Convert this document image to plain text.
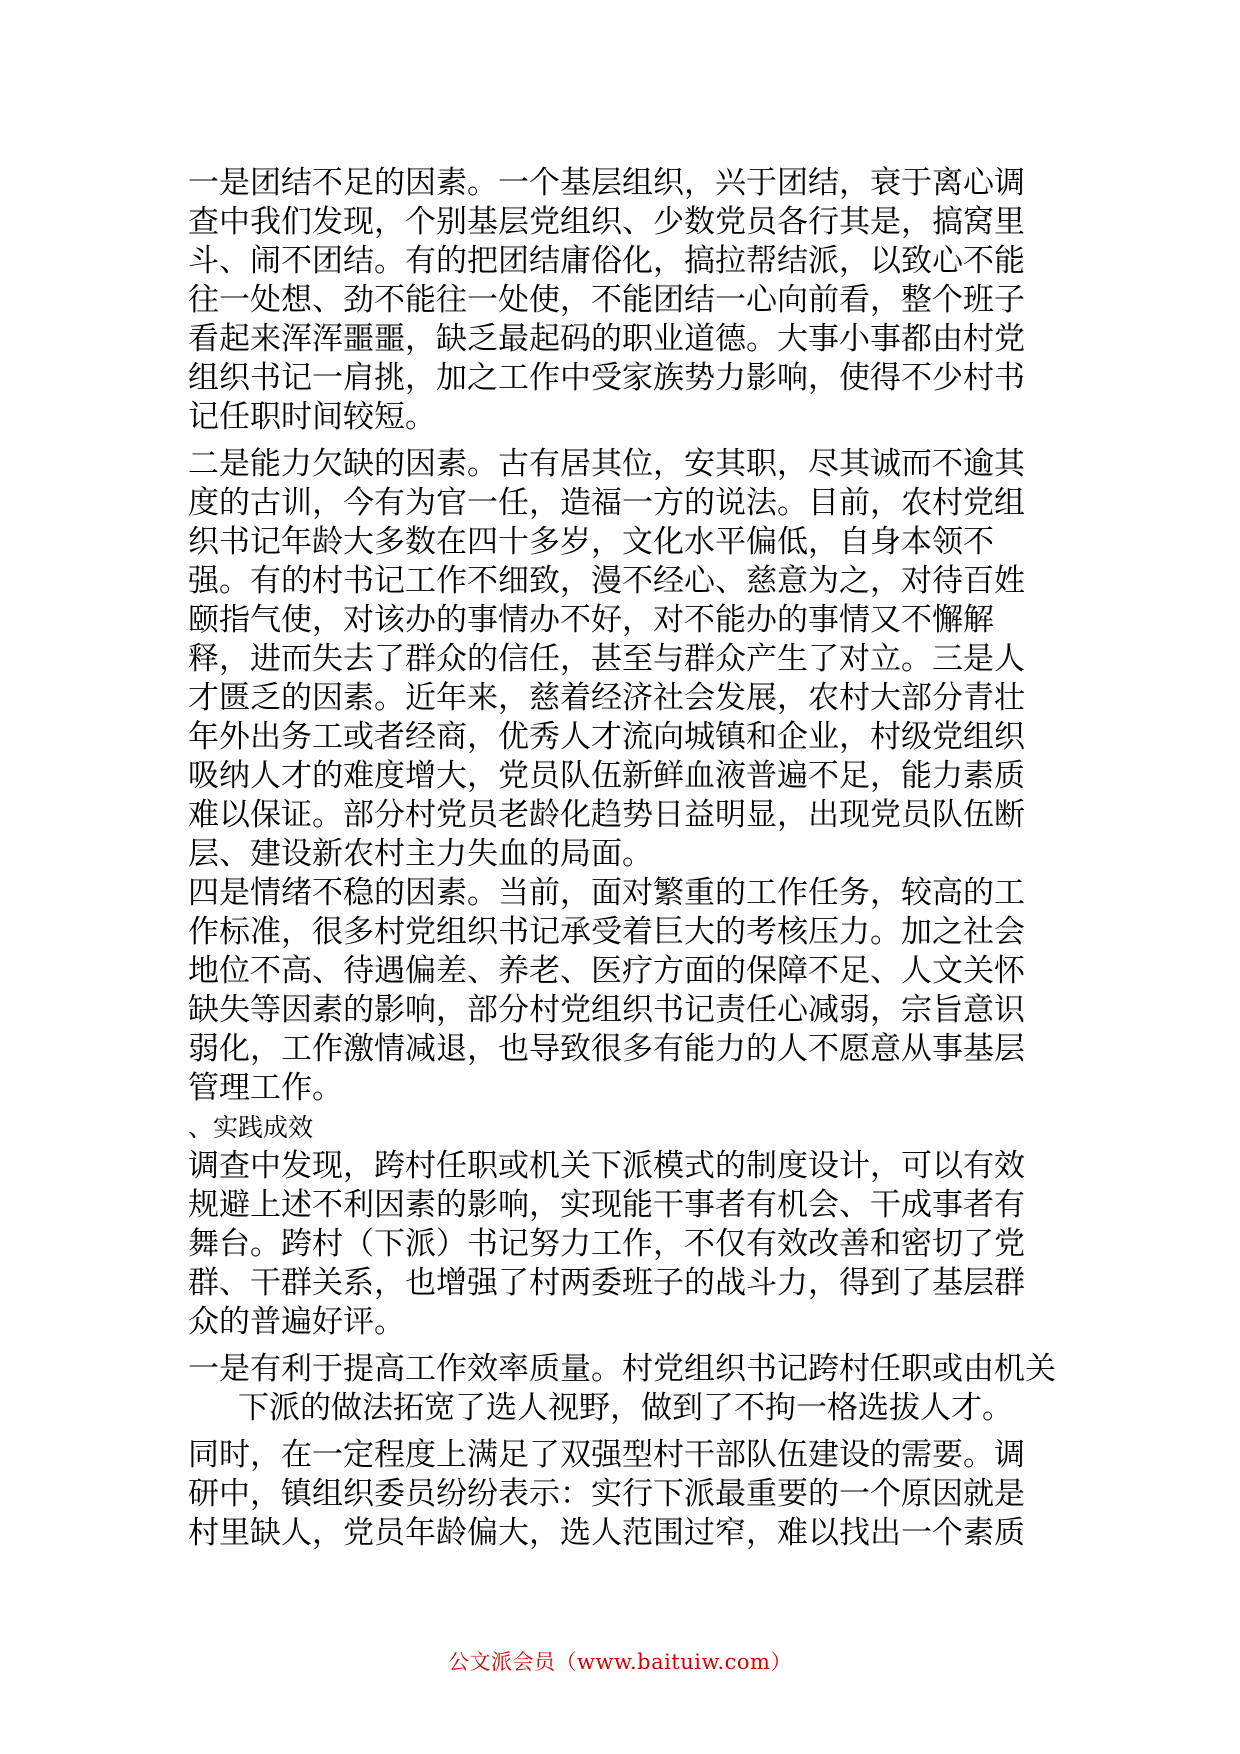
一是团结不足的因素。一个基层组织，兴于团结，衰于离心调

查中我们发现，个别基层党组织、少数党员各行其是，搞窝里

斗、闹不团结。有的把团结庸俗化，搞拉帮结派，以致心不能

往一处想、劲不能往一处使，不能团结一心向前看，整个班子

看起来浑浑噩噩，缺乏最起码的职业道德。大事小事都由村党

组织书记一肩挑，加之工作中受家族势力影响，使得不少村书

记任职时间较短。

二是能力欠缺的因素。古有居其位，安其职，尽其诚而不逾其

度的古训，今有为官一任，造福一方的说法。目前，农村党组

织书记年龄大多数在四十多岁，文化水平偏低，自身本领不

强。有的村书记工作不细致，漫不经心、慈意为之，对待百姓

颐指气使，对该办的事情办不好，对不能办的事情又不懈解

释，进而失去了群众的信任，甚至与群众产生了对立。三是人

才匮乏的因素。近年来，慈着经济社会发展，农村大部分青壮

年外出务工或者经商，优秀人才流向城镇和企业，村级党组织

吸纳人才的难度增大，党员队伍新鲜血液普遍不足，能力素质

难以保证。部分村党员老龄化趋势日益明显，出现党员队伍断

层、建设新农村主力失血的局面。

四是情绪不稳的因素。当前，面对繁重的工作任务，较高的工

作标准，很多村党组织书记承受着巨大的考核压力。加之社会

地位不高、待遇偏差、养老、医疗方面的保障不足、人文关怀

缺失等因素的影响，部分村党组织书记责任心减弱，宗旨意识

弱化，工作激情减退，也导致很多有能力的人不愿意从事基层

管理工作。

、实践成效

调查中发现，跨村任职或机关下派模式的制度设计，可以有效

规避上述不利因素的影响，实现能干事者有机会、干成事者有

舞台。跨村（下派）书记努力工作，不仅有效改善和密切了党

群、干群关系，也增强了村两委班子的战斗力，得到了基层群

众的普遍好评。

一是有利于提高工作效率质量。村党组织书记跨村任职或由机关

下派的做法拓宽了选人视野，做到了不拘一格选拔人才。

同时，在一定程度上满足了双强型村干部队伍建设的需要。调

研中，镇组织委员纷纷表示：实行下派最重要的一个原因就是

村里缺人，党员年龄偏大，选人范围过窄，难以找出一个素质

公文派会员（www.baituiw.com）
